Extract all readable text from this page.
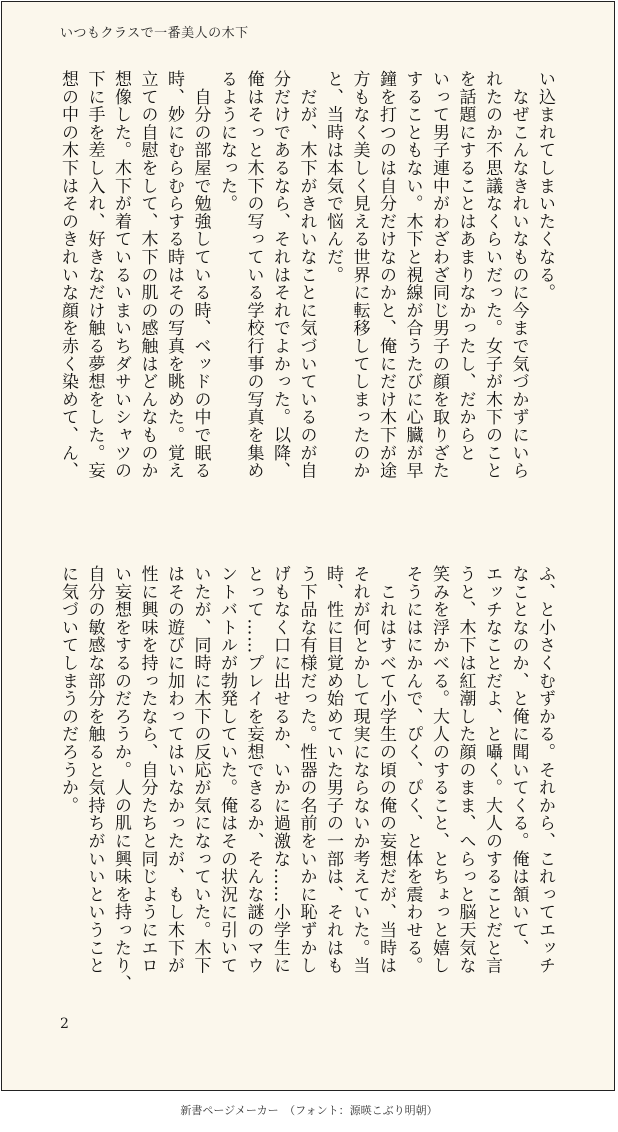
いつもクラスで一番美人の木下
い込まれてしまいたくなる。
　なぜこんなきれいなものに今まで気づかずにいら
れたのか不思議なくらいだった。女子が木下のこと
を話題にすることはあまりなかったし、だからと
いって男子連中がわざわざ同じ男子の顔を取りざた
することもない。木下と視線が合うたびに心臓が早
鐘を打つのは自分だけなのかと、俺にだけ木下が途
方もなく美しく見える世界に転移してしまったのか
と、当時は本気で悩んだ。
　だが、木下がきれいなことに気づいているのが自
分だけであるなら、それはそれでよかった。以降、
俺はそっと木下の写っている学校行事の写真を集め
るようになった。
　自分の部屋で勉強している時、ベッドの中で眠る
時、妙にむらむらする時はその写真を眺めた。覚え
立ての自慰をして、木下の肌の感触はどんなものか
想像した。木下が着ているいまいちダサいシャツの
下に手を差し入れ、好きなだけ触る夢想をした。妄
想の中の木下はそのきれいな顔を赤く染めて、ん、
ふ、と小さくむずかる。それから、これってエッチ
なことなのか、と俺に聞いてくる。俺は頷いて、
エッチなことだよ、と囁く。大人のすることだと言
うと、木下は紅潮した顔のまま、へらっと脳天気な
笑みを浮かべる。大人のすること、とちょっと嬉し
そうにはにかんで、ぴく、ぴく、と体を震わせる。
　これはすべて小学生の頃の俺の妄想だが、当時は
それが何とかして現実にならないか考えていた。当
時、性に目覚め始めていた男子の一部は、それはも
う下品な有様だった。性器の名前をいかに恥ずかし
げもなく口に出せるか、いかに過激な……小学生に
とって……プレイを妄想できるか、そんな謎のマウ
ントバトルが勃発していた。俺はその状況に引いて
いたが、同時に木下の反応が気になっていた。木下
はその遊びに加わってはいなかったが、もし木下が
性に興味を持ったなら、自分たちと同じようにエロ
い妄想をするのだろうか。人の肌に興味を持ったり、
自分の敏感な部分を触ると気持ちがいいということ
に気づいてしまうのだろうか。
2
新書ページメーカー　（フォント：源暎こぶり明朝）
